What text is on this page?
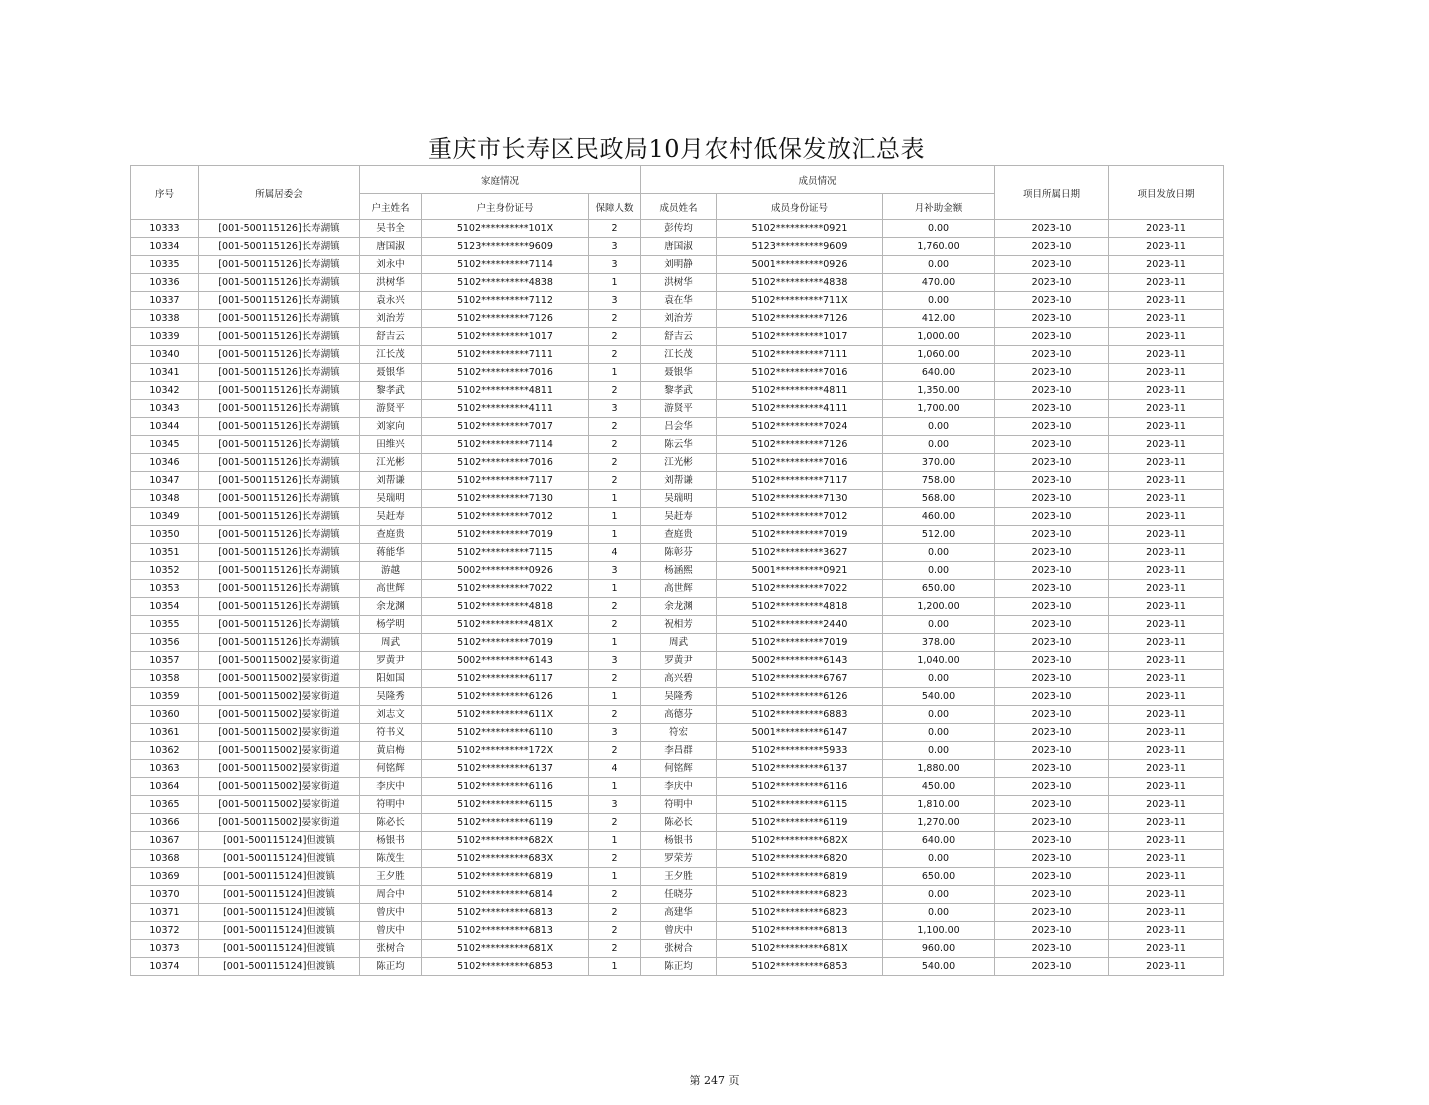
重庆市长寿区民政局10月农村低保发放汇总表
序号	所属居委会	家庭情况			成员情况			项目所属日期	项目发放日期
		户主姓名	户主身份证号	保障人数	成员姓名	成员身份证号	月补助金额		
10333	[001-500115126]长寿湖镇	吴书全	5102**********101X	2	彭传均	5102**********0921	0.00	2023-10	2023-11
10334	[001-500115126]长寿湖镇	唐国淑	5123**********9609	3	唐国淑	5123**********9609	1,760.00	2023-10	2023-11
10335	[001-500115126]长寿湖镇	刘永中	5102**********7114	3	刘明静	5001**********0926	0.00	2023-10	2023-11
10336	[001-500115126]长寿湖镇	洪树华	5102**********4838	1	洪树华	5102**********4838	470.00	2023-10	2023-11
10337	[001-500115126]长寿湖镇	袁永兴	5102**********7112	3	袁在华	5102**********711X	0.00	2023-10	2023-11
10338	[001-500115126]长寿湖镇	刘治芳	5102**********7126	2	刘治芳	5102**********7126	412.00	2023-10	2023-11
10339	[001-500115126]长寿湖镇	舒吉云	5102**********1017	2	舒吉云	5102**********1017	1,000.00	2023-10	2023-11
10340	[001-500115126]长寿湖镇	江长茂	5102**********7111	2	江长茂	5102**********7111	1,060.00	2023-10	2023-11
10341	[001-500115126]长寿湖镇	聂银华	5102**********7016	1	聂银华	5102**********7016	640.00	2023-10	2023-11
10342	[001-500115126]长寿湖镇	黎孝武	5102**********4811	2	黎孝武	5102**********4811	1,350.00	2023-10	2023-11
10343	[001-500115126]长寿湖镇	游贤平	5102**********4111	3	游贤平	5102**********4111	1,700.00	2023-10	2023-11
10344	[001-500115126]长寿湖镇	刘家向	5102**********7017	2	吕会华	5102**********7024	0.00	2023-10	2023-11
10345	[001-500115126]长寿湖镇	田维兴	5102**********7114	2	陈云华	5102**********7126	0.00	2023-10	2023-11
10346	[001-500115126]长寿湖镇	江光彬	5102**********7016	2	江光彬	5102**********7016	370.00	2023-10	2023-11
10347	[001-500115126]长寿湖镇	刘帮谦	5102**********7117	2	刘帮谦	5102**********7117	758.00	2023-10	2023-11
10348	[001-500115126]长寿湖镇	吴瑞明	5102**********7130	1	吴瑞明	5102**********7130	568.00	2023-10	2023-11
10349	[001-500115126]长寿湖镇	吴赶寿	5102**********7012	1	吴赶寿	5102**********7012	460.00	2023-10	2023-11
10350	[001-500115126]长寿湖镇	查庭贵	5102**********7019	1	查庭贵	5102**********7019	512.00	2023-10	2023-11
10351	[001-500115126]长寿湖镇	蒋能华	5102**********7115	4	陈彰芬	5102**********3627	0.00	2023-10	2023-11
10352	[001-500115126]长寿湖镇	游越	5002**********0926	3	杨涵熙	5001**********0921	0.00	2023-10	2023-11
10353	[001-500115126]长寿湖镇	高世辉	5102**********7022	1	高世辉	5102**********7022	650.00	2023-10	2023-11
10354	[001-500115126]长寿湖镇	余龙渊	5102**********4818	2	余龙渊	5102**********4818	1,200.00	2023-10	2023-11
10355	[001-500115126]长寿湖镇	杨学明	5102**********481X	2	祝相芳	5102**********2440	0.00	2023-10	2023-11
10356	[001-500115126]长寿湖镇	周武	5102**********7019	1	周武	5102**********7019	378.00	2023-10	2023-11
10357	[001-500115002]晏家街道	罗黄尹	5002**********6143	3	罗黄尹	5002**********6143	1,040.00	2023-10	2023-11
10358	[001-500115002]晏家街道	阳如国	5102**********6117	2	高兴碧	5102**********6767	0.00	2023-10	2023-11
10359	[001-500115002]晏家街道	吴隆秀	5102**********6126	1	吴隆秀	5102**********6126	540.00	2023-10	2023-11
10360	[001-500115002]晏家街道	刘志文	5102**********611X	2	高德芬	5102**********6883	0.00	2023-10	2023-11
10361	[001-500115002]晏家街道	符书义	5102**********6110	3	符宏	5001**********6147	0.00	2023-10	2023-11
10362	[001-500115002]晏家街道	黄启梅	5102**********172X	2	李昌群	5102**********5933	0.00	2023-10	2023-11
10363	[001-500115002]晏家街道	何铭辉	5102**********6137	4	何铭辉	5102**********6137	1,880.00	2023-10	2023-11
10364	[001-500115002]晏家街道	李庆中	5102**********6116	1	李庆中	5102**********6116	450.00	2023-10	2023-11
10365	[001-500115002]晏家街道	符明中	5102**********6115	3	符明中	5102**********6115	1,810.00	2023-10	2023-11
10366	[001-500115002]晏家街道	陈必长	5102**********6119	2	陈必长	5102**********6119	1,270.00	2023-10	2023-11
10367	[001-500115124]但渡镇	杨银书	5102**********682X	1	杨银书	5102**********682X	640.00	2023-10	2023-11
10368	[001-500115124]但渡镇	陈茂生	5102**********683X	2	罗荣芳	5102**********6820	0.00	2023-10	2023-11
10369	[001-500115124]但渡镇	王夕胜	5102**********6819	1	王夕胜	5102**********6819	650.00	2023-10	2023-11
10370	[001-500115124]但渡镇	周合中	5102**********6814	2	任晓芬	5102**********6823	0.00	2023-10	2023-11
10371	[001-500115124]但渡镇	曾庆中	5102**********6813	2	高建华	5102**********6823	0.00	2023-10	2023-11
10372	[001-500115124]但渡镇	曾庆中	5102**********6813	2	曾庆中	5102**********6813	1,100.00	2023-10	2023-11
10373	[001-500115124]但渡镇	张树合	5102**********681X	2	张树合	5102**********681X	960.00	2023-10	2023-11
10374	[001-500115124]但渡镇	陈正均	5102**********6853	1	陈正均	5102**********6853	540.00	2023-10	2023-11
第 247 页
